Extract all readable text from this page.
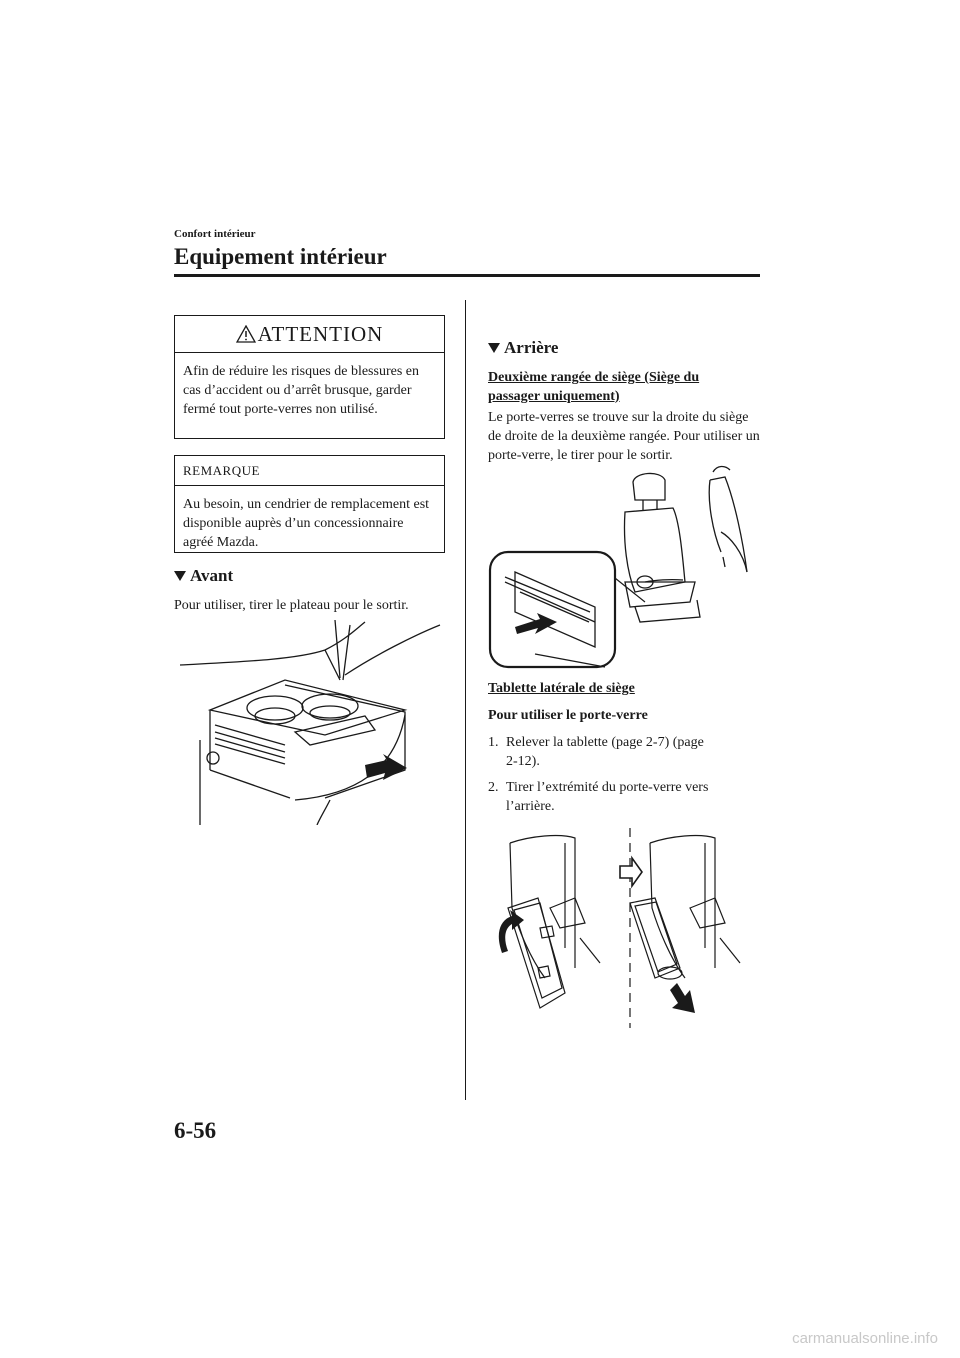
Confort intérieur
Equipement intérieur
ATTENTION
Afin de réduire les risques de blessures en cas d’accident ou d’arrêt brusque, garder fermé tout porte-verres non utilisé.
REMARQUE
Au besoin, un cendrier de remplacement est disponible auprès d’un concessionnaire agréé Mazda.
Avant
Pour utiliser, tirer le plateau pour le sortir.
Arrière
Deuxième rangée de siège (Siège du passager uniquement)
Le porte-verres se trouve sur la droite du siège de droite de la deuxième rangée. Pour utiliser un porte-verre, le tirer pour le sortir.
Tablette latérale de siège
Pour utiliser le porte-verre
1. Relever la tablette (page 2-7) (page 2-12).
2. Tirer l’extrémité du porte-verre vers l’arrière.
6-56
carmanualsonline.info
